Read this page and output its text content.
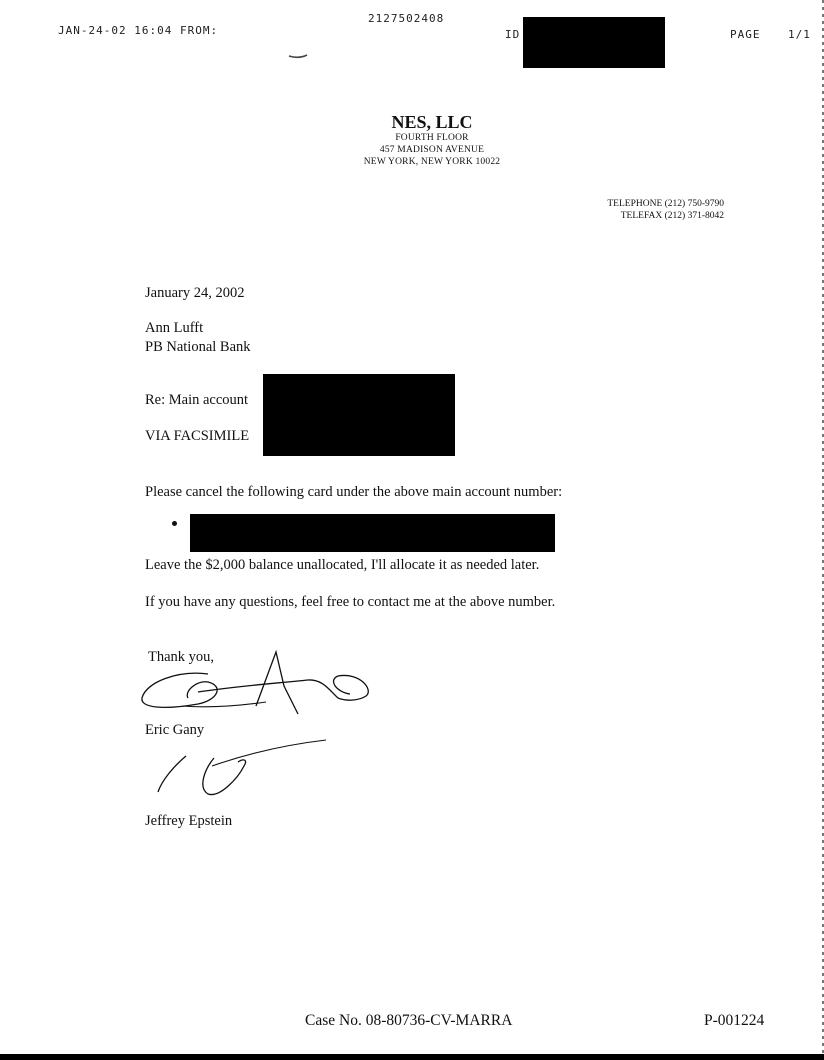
JAN-24-02 16:04 FROM:
2127502408
ID	PAGE	1/1
NES, LLC
FOURTH FLOOR
457 MADISON AVENUE
NEW YORK, NEW YORK 10022
TELEPHONE (212) 750-9790
TELEFAX (212) 371-8042
January 24, 2002
Ann Lufft
PB National Bank
Re: Main account
VIA FACSIMILE
Please cancel the following card under the above main account number:
Leave the $2,000 balance unallocated, I'll allocate it as needed later.
If you have any questions, feel free to contact me at the above number.
Thank you,
Eric Gany
Jeffrey Epstein
Case No. 08-80736-CV-MARRA	P-001224
